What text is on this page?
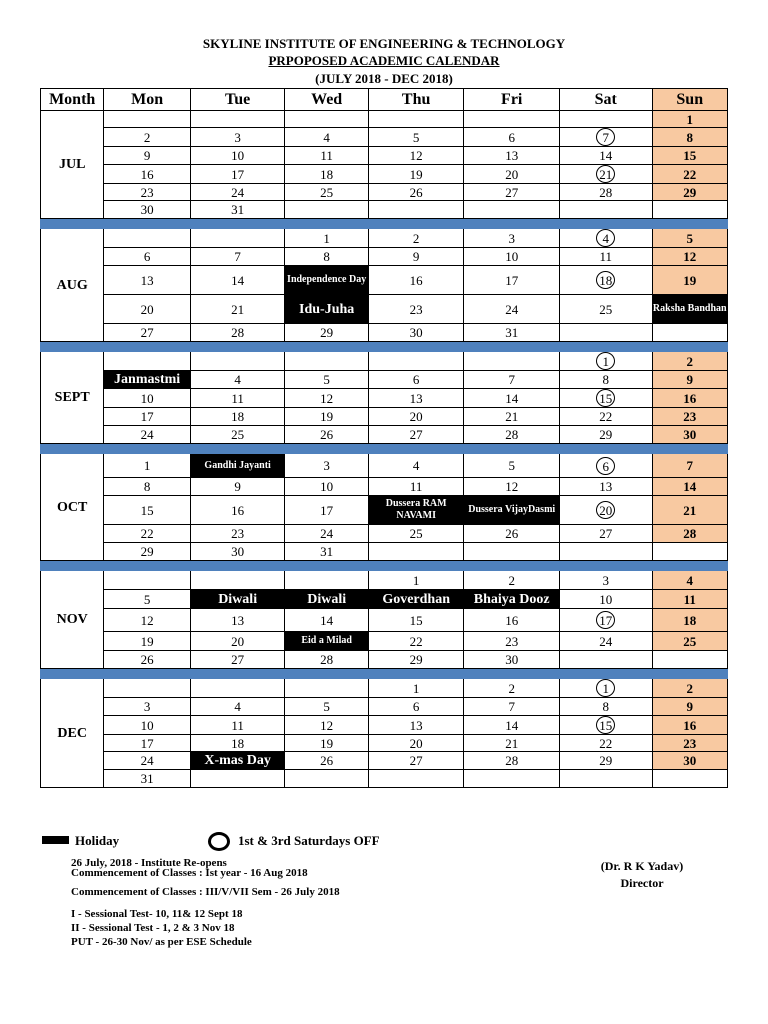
SKYLINE INSTITUTE OF ENGINEERING & TECHNOLOGY
PRPOPOSED ACADEMIC CALENDAR
(JULY 2018 - DEC 2018)
Month	Mon	Tue	Wed	Thu	Fri	Sat	Sun
JUL							1
	2	3	4	5	6	7	8
	9	10	11	12	13	14	15
	16	17	18	19	20	21	22
	23	24	25	26	27	28	29
	30	31					

AUG			1	2	3	4	5
	6	7	8	9	10	11	12
	13	14	Independence Day	16	17	18	19
	20	21	Idu-Juha	23	24	25	Raksha Bandhan
	27	28	29	30	31		

SEPT						1	2
	Janmastmi	4	5	6	7	8	9
	10	11	12	13	14	15	16
	17	18	19	20	21	22	23
	24	25	26	27	28	29	30

OCT	1	Gandhi Jayanti	3	4	5	6	7
	8	9	10	11	12	13	14
	15	16	17	Dussera RAM NAVAMI	Dussera VijayDasmi	20	21
	22	23	24	25	26	27	28
	29	30	31				

NOV				1	2	3	4
	5	Diwali	Diwali	Goverdhan	Bhaiya Dooz	10	11
	12	13	14	15	16	17	18
	19	20	Eid a Milad	22	23	24	25
	26	27	28	29	30		

DEC				1	2	1	2
	3	4	5	6	7	8	9
	10	11	12	13	14	15	16
	17	18	19	20	21	22	23
	24	X-mas Day	26	27	28	29	30
	31						
Holiday	1st & 3rd Saturdays OFF
26 July, 2018 - Institute Re-opens
Commencement of Classes : Ist year - 16 Aug 2018
Commencement of Classes : III/V/VII Sem - 26 July 2018
I - Sessional Test- 10, 11& 12 Sept 18
II - Sessional Test - 1, 2 & 3 Nov 18
PUT - 26-30 Nov/ as per ESE Schedule
(Dr. R K Yadav)
Director
